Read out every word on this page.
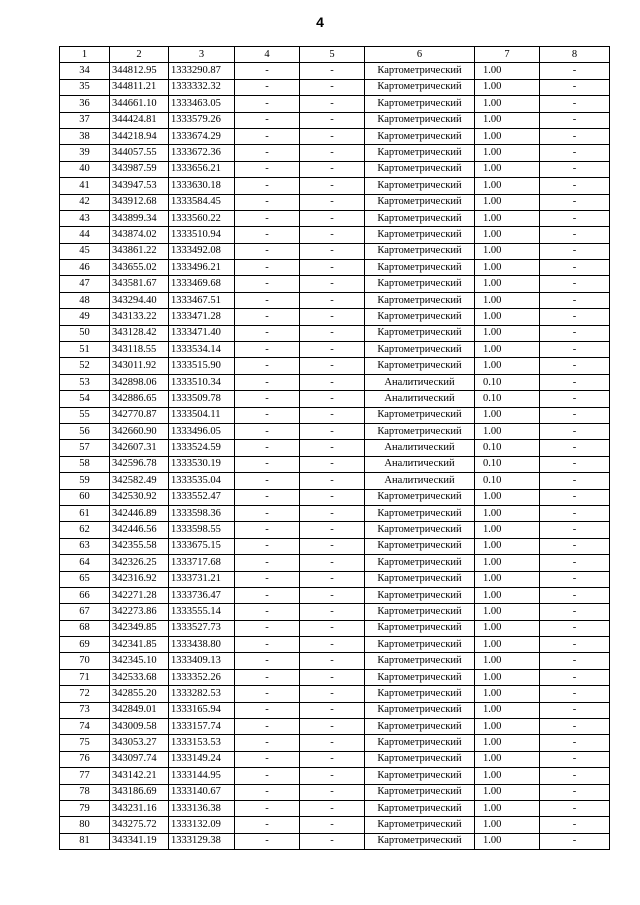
4
1	2	3	4	5	6	7	8
34	344812.95	1333290.87	-	-	Картометрический	1.00	-
35	344811.21	1333332.32	-	-	Картометрический	1.00	-
36	344661.10	1333463.05	-	-	Картометрический	1.00	-
37	344424.81	1333579.26	-	-	Картометрический	1.00	-
38	344218.94	1333674.29	-	-	Картометрический	1.00	-
39	344057.55	1333672.36	-	-	Картометрический	1.00	-
40	343987.59	1333656.21	-	-	Картометрический	1.00	-
41	343947.53	1333630.18	-	-	Картометрический	1.00	-
42	343912.68	1333584.45	-	-	Картометрический	1.00	-
43	343899.34	1333560.22	-	-	Картометрический	1.00	-
44	343874.02	1333510.94	-	-	Картометрический	1.00	-
45	343861.22	1333492.08	-	-	Картометрический	1.00	-
46	343655.02	1333496.21	-	-	Картометрический	1.00	-
47	343581.67	1333469.68	-	-	Картометрический	1.00	-
48	343294.40	1333467.51	-	-	Картометрический	1.00	-
49	343133.22	1333471.28	-	-	Картометрический	1.00	-
50	343128.42	1333471.40	-	-	Картометрический	1.00	-
51	343118.55	1333534.14	-	-	Картометрический	1.00	-
52	343011.92	1333515.90	-	-	Картометрический	1.00	-
53	342898.06	1333510.34	-	-	Аналитический	0.10	-
54	342886.65	1333509.78	-	-	Аналитический	0.10	-
55	342770.87	1333504.11	-	-	Картометрический	1.00	-
56	342660.90	1333496.05	-	-	Картометрический	1.00	-
57	342607.31	1333524.59	-	-	Аналитический	0.10	-
58	342596.78	1333530.19	-	-	Аналитический	0.10	-
59	342582.49	1333535.04	-	-	Аналитический	0.10	-
60	342530.92	1333552.47	-	-	Картометрический	1.00	-
61	342446.89	1333598.36	-	-	Картометрический	1.00	-
62	342446.56	1333598.55	-	-	Картометрический	1.00	-
63	342355.58	1333675.15	-	-	Картометрический	1.00	-
64	342326.25	1333717.68	-	-	Картометрический	1.00	-
65	342316.92	1333731.21	-	-	Картометрический	1.00	-
66	342271.28	1333736.47	-	-	Картометрический	1.00	-
67	342273.86	1333555.14	-	-	Картометрический	1.00	-
68	342349.85	1333527.73	-	-	Картометрический	1.00	-
69	342341.85	1333438.80	-	-	Картометрический	1.00	-
70	342345.10	1333409.13	-	-	Картометрический	1.00	-
71	342533.68	1333352.26	-	-	Картометрический	1.00	-
72	342855.20	1333282.53	-	-	Картометрический	1.00	-
73	342849.01	1333165.94	-	-	Картометрический	1.00	-
74	343009.58	1333157.74	-	-	Картометрический	1.00	-
75	343053.27	1333153.53	-	-	Картометрический	1.00	-
76	343097.74	1333149.24	-	-	Картометрический	1.00	-
77	343142.21	1333144.95	-	-	Картометрический	1.00	-
78	343186.69	1333140.67	-	-	Картометрический	1.00	-
79	343231.16	1333136.38	-	-	Картометрический	1.00	-
80	343275.72	1333132.09	-	-	Картометрический	1.00	-
81	343341.19	1333129.38	-	-	Картометрический	1.00	-
